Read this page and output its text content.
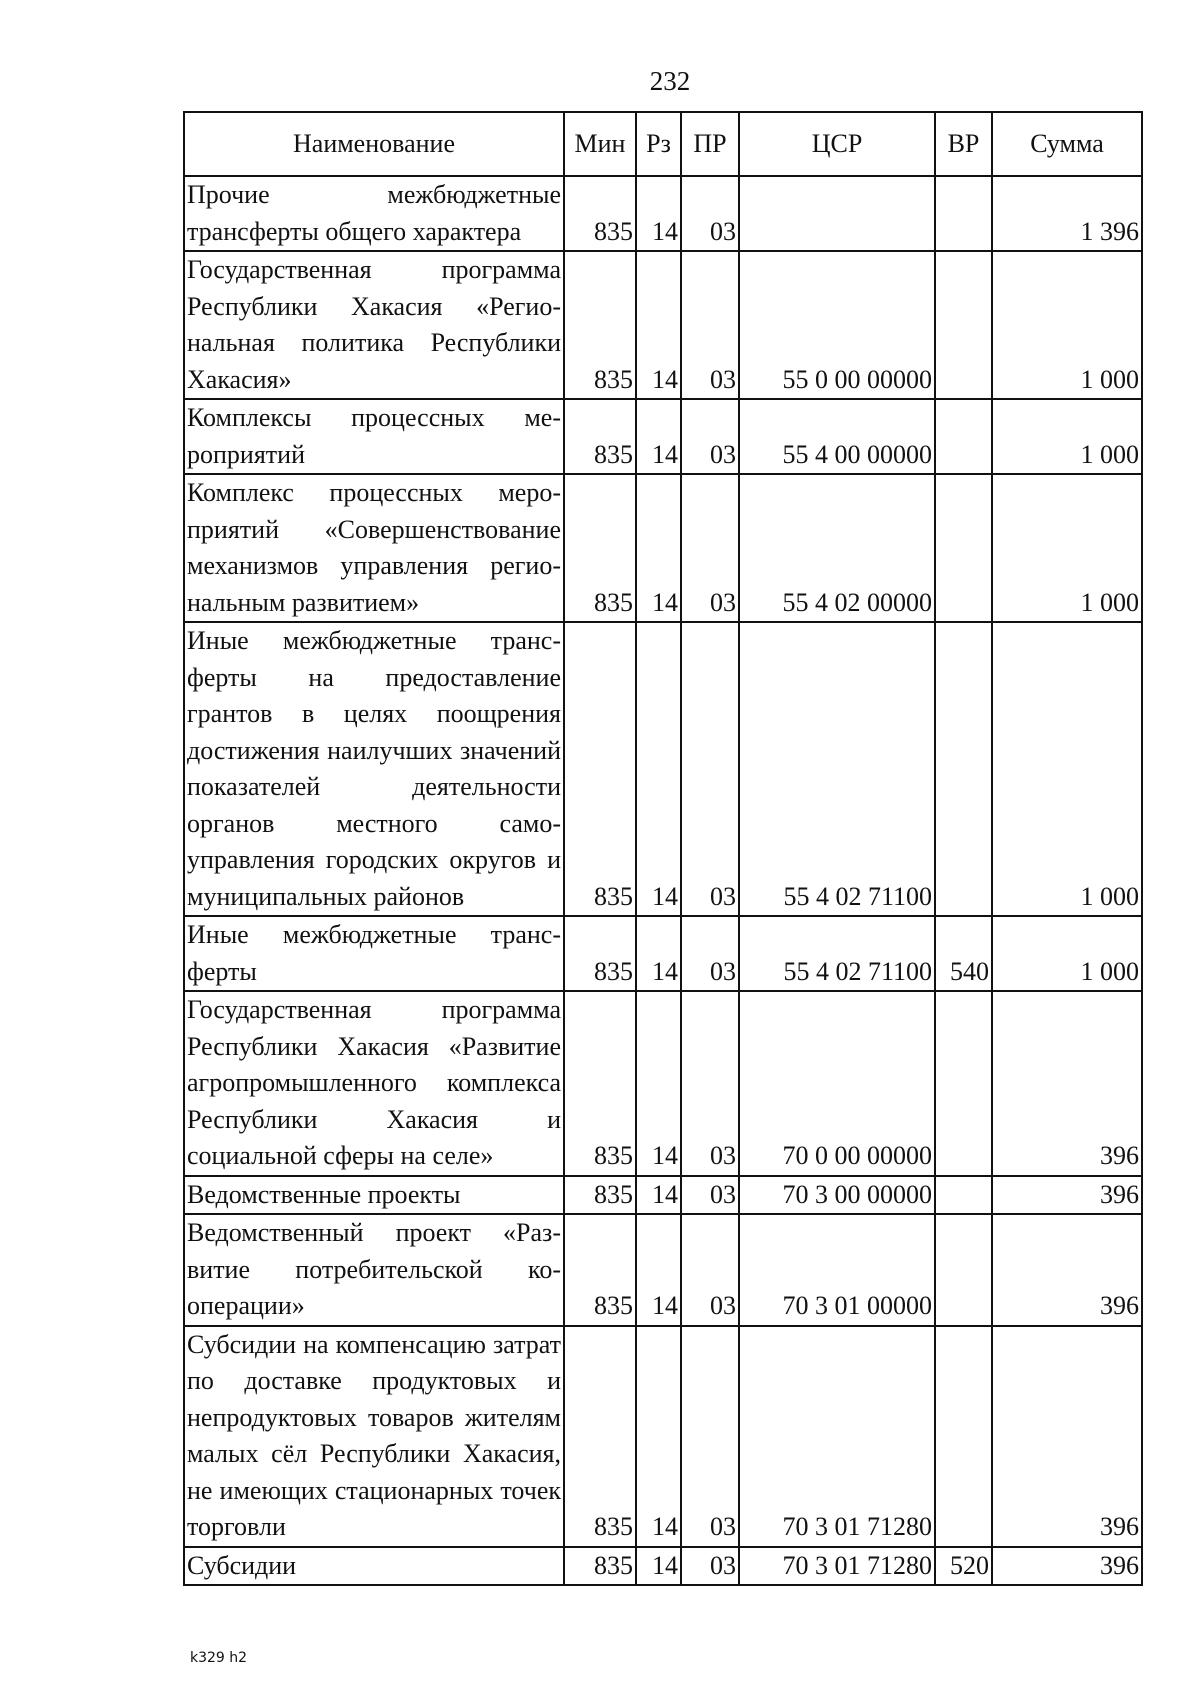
232
Наименование	Мин	Рз	ПР	ЦСР	ВР	Сумма
Прочие межбюджетные трансферты общего характера	835	14	03			1 396
Государственная программа Республики Хакасия «Региональная политика Республики Хакасия»	835	14	03	55 0 00 00000		1 000
Комплексы процессных мероприятий	835	14	03	55 4 00 00000		1 000
Комплекс процессных мероприятий «Совершенствование механизмов управления региональным развитием»	835	14	03	55 4 02 00000		1 000
Иные межбюджетные трансферты на предоставление грантов в целях поощрения достижения наилучших значений показателей деятельности органов местного самоуправления городских округов и муниципальных районов	835	14	03	55 4 02 71100		1 000
Иные межбюджетные трансферты	835	14	03	55 4 02 71100	540	1 000
Государственная программа Республики Хакасия «Развитие агропромышленного комплекса Республики Хакасия и социальной сферы на селе»	835	14	03	70 0 00 00000		396
Ведомственные проекты	835	14	03	70 3 00 00000		396
Ведомственный проект «Развитие потребительской кооперации»	835	14	03	70 3 01 00000		396
Субсидии на компенсацию затрат по доставке продуктовых и непродуктовых товаров жителям малых сёл Республики Хакасия, не имеющих стационарных точек торговли	835	14	03	70 3 01 71280		396
Субсидии	835	14	03	70 3 01 71280	520	396
k329 h2
